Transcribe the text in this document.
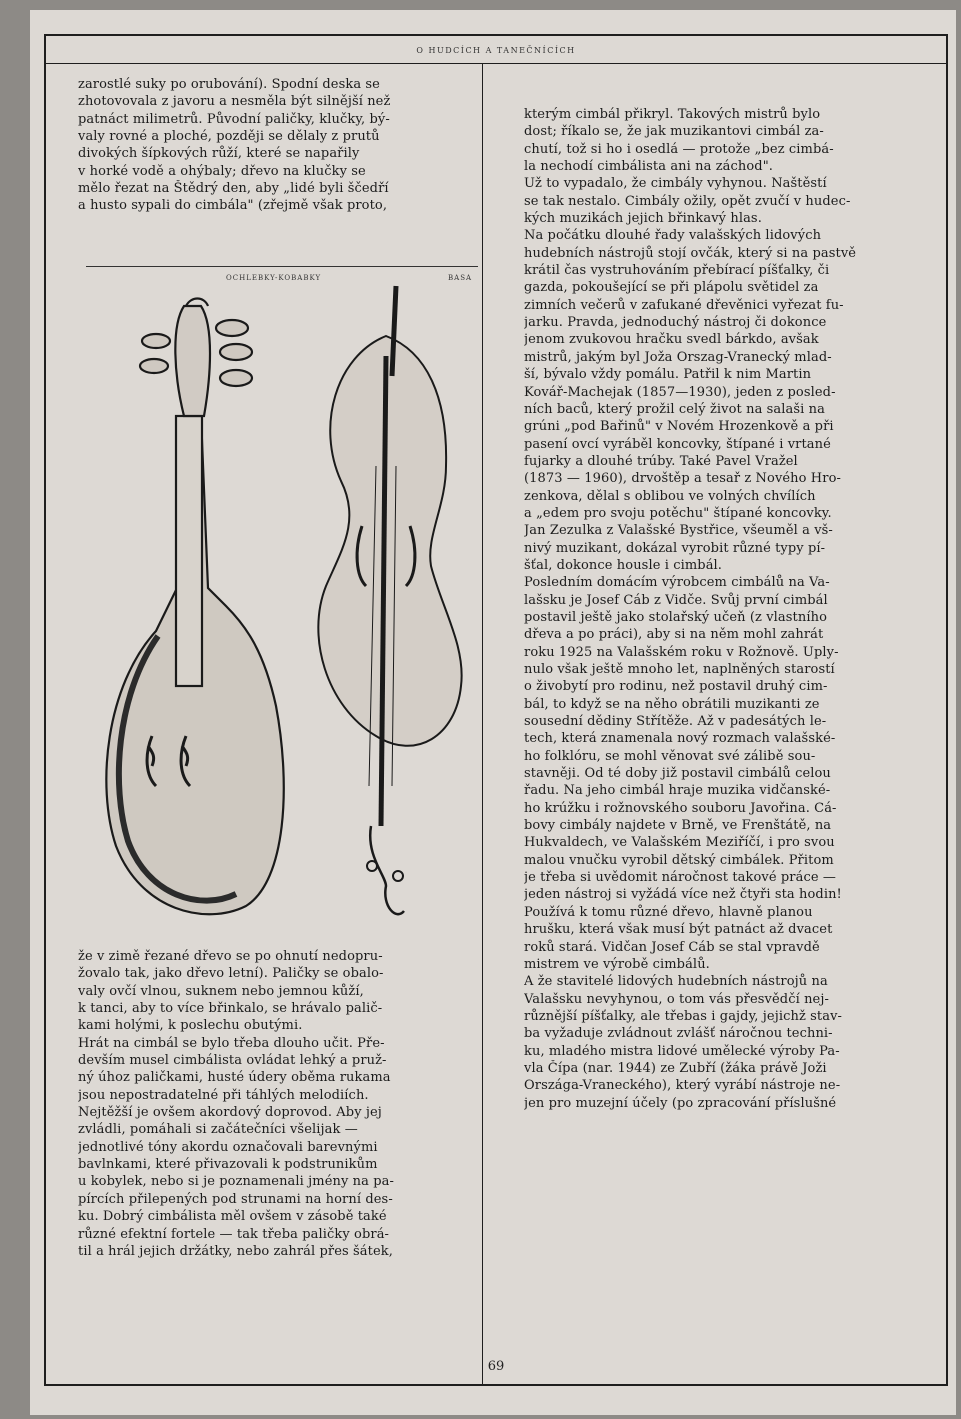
O HUDCÍCH A TANEČNÍCÍCH
zarostlé suky po orubování). Spodní deska se
zhotovovala z javoru a nesměla být silnější než
patnáct milimetrů. Původní paličky, klučky, bý-
valy rovné a ploché, později se dělaly z prutů
divokých šípkových růží, které se napařily
v horké vodě a ohýbaly; dřevo na klučky se
mělo řezat na Štědrý den, aby „lidé byli ščedří
a husto sypali do cimbála" (zřejmě však proto,
OCHLEBKY-KOBABKY	BASA
že v zimě řezané dřevo se po ohnutí nedopru-
žovalo tak, jako dřevo letní). Paličky se obalo-
valy ovčí vlnou, suknem nebo jemnou kůží,
k tanci, aby to více břinkalo, se hrávalo palič-
kami holými, k poslechu obutými.
Hrát na cimbál se bylo třeba dlouho učit. Pře-
devším musel cimbálista ovládat lehký a pruž-
ný úhoz paličkami, husté údery oběma rukama
jsou nepostradatelné při táhlých melodiích.
Nejtěžší je ovšem akordový doprovod. Aby jej
zvládli, pomáhali si začátečníci všelijak —
jednotlivé tóny akordu označovali barevnými
bavlnkami, které přivazovali k podstrunikům
u kobylek, nebo si je poznamenali jmény na pa-
pírcích přilepených pod strunami na horní des-
ku. Dobrý cimbálista měl ovšem v zásobě také
různé efektní fortele — tak třeba paličky obrá-
til a hrál jejich držátky, nebo zahrál přes šátek,
kterým cimbál přikryl. Takových mistrů bylo
dost; říkalo se, že jak muzikantovi cimbál za-
chutí, tož si ho i osedlá — protože „bez cimbá-
la nechodí cimbálista ani na záchod".
Už to vypadalo, že cimbály vyhynou. Naštěstí
se tak nestalo. Cimbály ožily, opět zvučí v hudec-
kých muzikách jejich břinkavý hlas.
Na počátku dlouhé řady valašských lidových
hudebních nástrojů stojí ovčák, který si na pastvě
krátil čas vystruhováním přebírací píšťalky, či
gazda, pokoušející se při plápolu světidel za
zimních večerů v zafukané dřevěnici vyřezat fu-
jarku. Pravda, jednoduchý nástroj či dokonce
jenom zvukovou hračku svedl bárkdo, avšak
mistrů, jakým byl Joža Orszag-Vranecký mlad-
ší, bývalo vždy pomálu. Patřil k nim Martin
Kovář-Machejak (1857—1930), jeden z posled-
ních baců, který prožil celý život na salaši na
grúni „pod Bařinů" v Novém Hrozenkově a při
pasení ovcí vyráběl koncovky, štípané i vrtané
fujarky a dlouhé trúby. Také Pavel Vražel
(1873 — 1960), drvoštěp a tesař z Nového Hro-
zenkova, dělal s oblibou ve volných chvílích
a „edem pro svoju potěchu" štípané koncovky.
Jan Zezulka z Valašské Bystřice, všeuměl a vš-
nivý muzikant, dokázal vyrobit různé typy pí-
šťal, dokonce housle i cimbál.
Posledním domácím výrobcem cimbálů na Va-
lašsku je Josef Cáb z Vidče. Svůj první cimbál
postavil ještě jako stolařský učeň (z vlastního
dřeva a po práci), aby si na něm mohl zahrát
roku 1925 na Valašském roku v Rožnově. Uply-
nulo však ještě mnoho let, naplněných starostí
o živobytí pro rodinu, než postavil druhý cim-
bál, to když se na něho obrátili muzikanti ze
sousední dědiny Střítěže. Až v padesátých le-
tech, která znamenala nový rozmach valašské-
ho folklóru, se mohl věnovat své zálibě sou-
stavněji. Od té doby již postavil cimbálů celou
řadu. Na jeho cimbál hraje muzika vidčanské-
ho krúžku i rožnovského souboru Javořina. Cá-
bovy cimbály najdete v Brně, ve Frenštátě, na
Hukvaldech, ve Valašském Meziříčí, i pro svou
malou vnučku vyrobil dětský cimbálek. Přitom
je třeba si uvědomit náročnost takové práce —
jeden nástroj si vyžádá více než čtyři sta hodin!
Používá k tomu různé dřevo, hlavně planou
hrušku, která však musí být patnáct až dvacet
roků stará. Vidčan Josef Cáb se stal vpravdě
mistrem ve výrobě cimbálů.
A že stavitelé lidových hudebních nástrojů na
Valašsku nevyhynou, o tom vás přesvědčí nej-
různější píšťalky, ale třebas i gajdy, jejichž stav-
ba vyžaduje zvládnout zvlášť náročnou techni-
ku, mladého mistra lidové umělecké výroby Pa-
vla Čípa (nar. 1944) ze Zubří (žáka právě Joži
Országa-Vraneckého), který vyrábí nástroje ne-
jen pro muzejní účely (po zpracování příslušné
69
